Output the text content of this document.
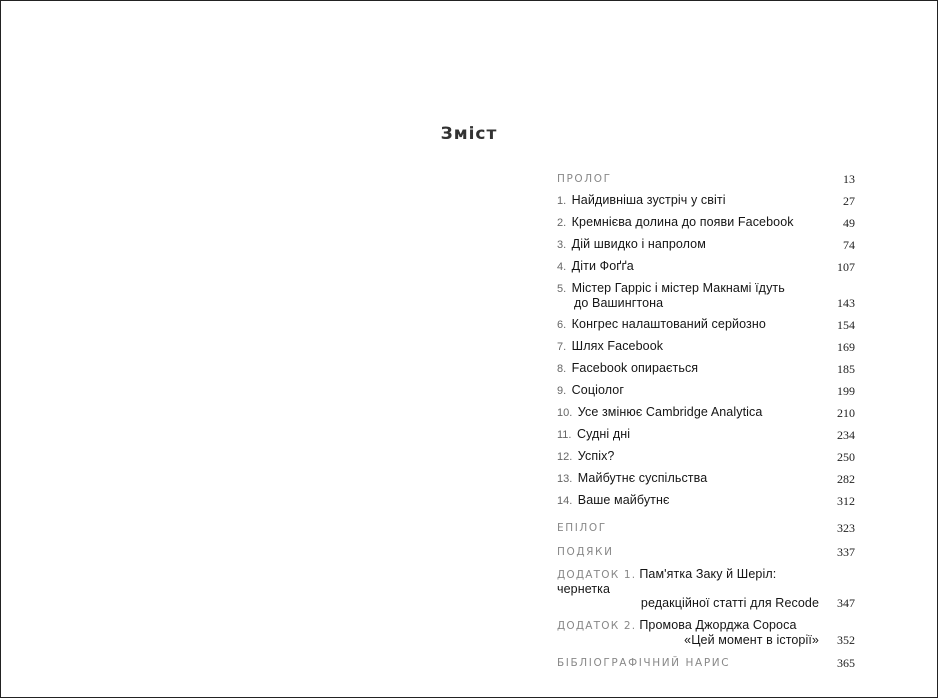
Зміст
ПРОЛОГ	13
1. Найдивніша зустріч у світі	27
2. Кремнієва долина до появи Facebook	49
3. Дій швидко і напролом	74
4. Діти Фоґґа	107
5. Містер Гарріс і містер Макнамі їдуть
до Вашингтона	143
6. Конгрес налаштований серйозно	154
7. Шлях Facebook	169
8. Facebook опирається	185
9. Соціолог	199
10. Усе змінює Cambridge Analytica	210
11. Судні дні	234
12. Успіх?	250
13. Майбутнє суспільства	282
14. Ваше майбутнє	312
ЕПІЛОГ	323
ПОДЯКИ	337
ДОДАТОК 1. Пам'ятка Заку й Шеріл: чернетка
редакційної статті для Recode	347
ДОДАТОК 2. Промова Джорджа Сороса
«Цей момент в історії»	352
БІБЛІОГРАФІЧНИЙ НАРИС	365
